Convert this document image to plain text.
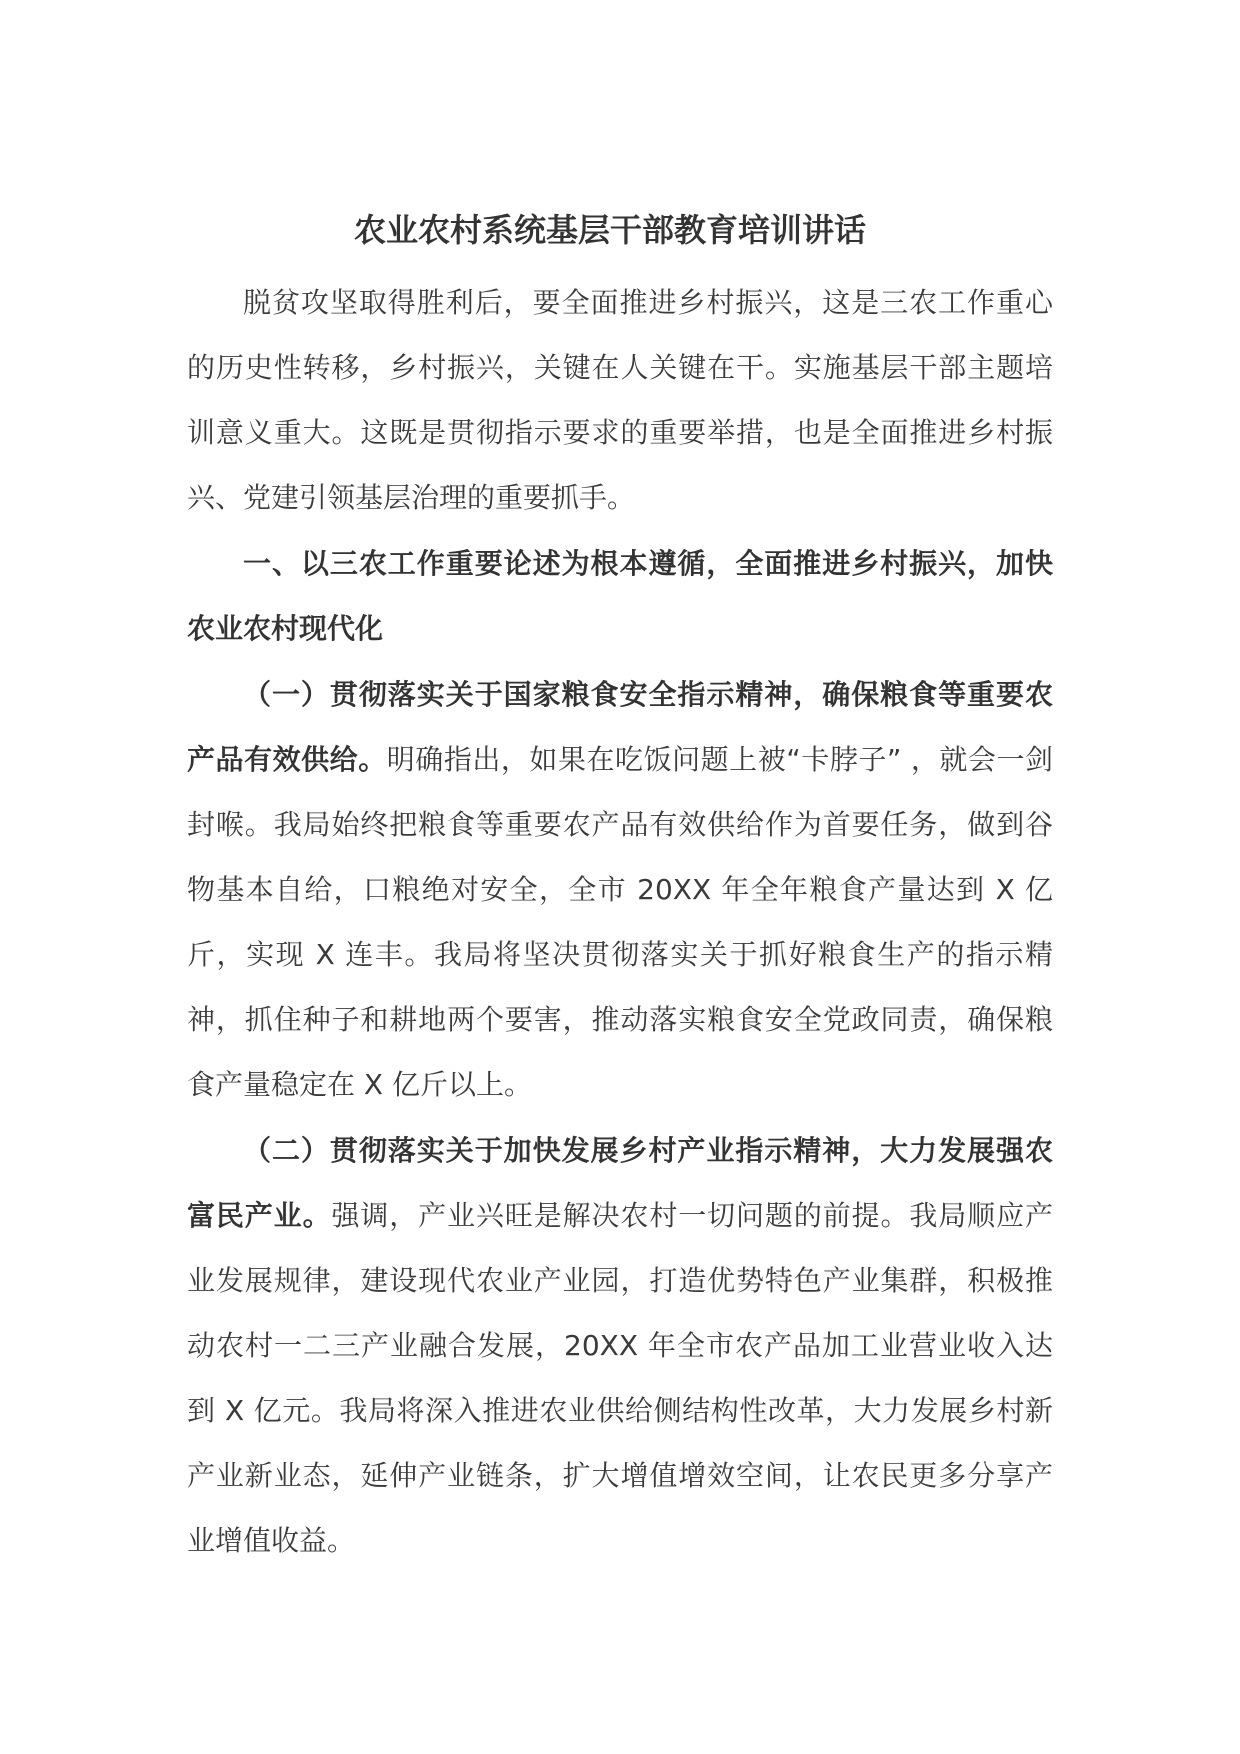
农业农村系统基层干部教育培训讲话

脱贫攻坚取得胜利后，要全面推进乡村振兴，这是三农工作重心的历史性转移，乡村振兴，关键在人关键在干。实施基层干部主题培训意义重大。这既是贯彻指示要求的重要举措，也是全面推进乡村振兴、党建引领基层治理的重要抓手。

一、以三农工作重要论述为根本遵循，全面推进乡村振兴，加快农业农村现代化

（一）贯彻落实关于国家粮食安全指示精神，确保粮食等重要农产品有效供给。明确指出，如果在吃饭问题上被“卡脖子” ，就会一剑封喉。我局始终把粮食等重要农产品有效供给作为首要任务，做到谷物基本自给，口粮绝对安全，全市 20XX 年全年粮食产量达到 X 亿斤，实现 X 连丰。我局将坚决贯彻落实关于抓好粮食生产的指示精神，抓住种子和耕地两个要害，推动落实粮食安全党政同责，确保粮食产量稳定在 X 亿斤以上。

（二）贯彻落实关于加快发展乡村产业指示精神，大力发展强农富民产业。强调，产业兴旺是解决农村一切问题的前提。我局顺应产业发展规律，建设现代农业产业园，打造优势特色产业集群，积极推动农村一二三产业融合发展，20XX 年全市农产品加工业营业收入达到 X 亿元。我局将深入推进农业供给侧结构性改革，大力发展乡村新产业新业态，延伸产业链条，扩大增值增效空间，让农民更多分享产业增值收益。
